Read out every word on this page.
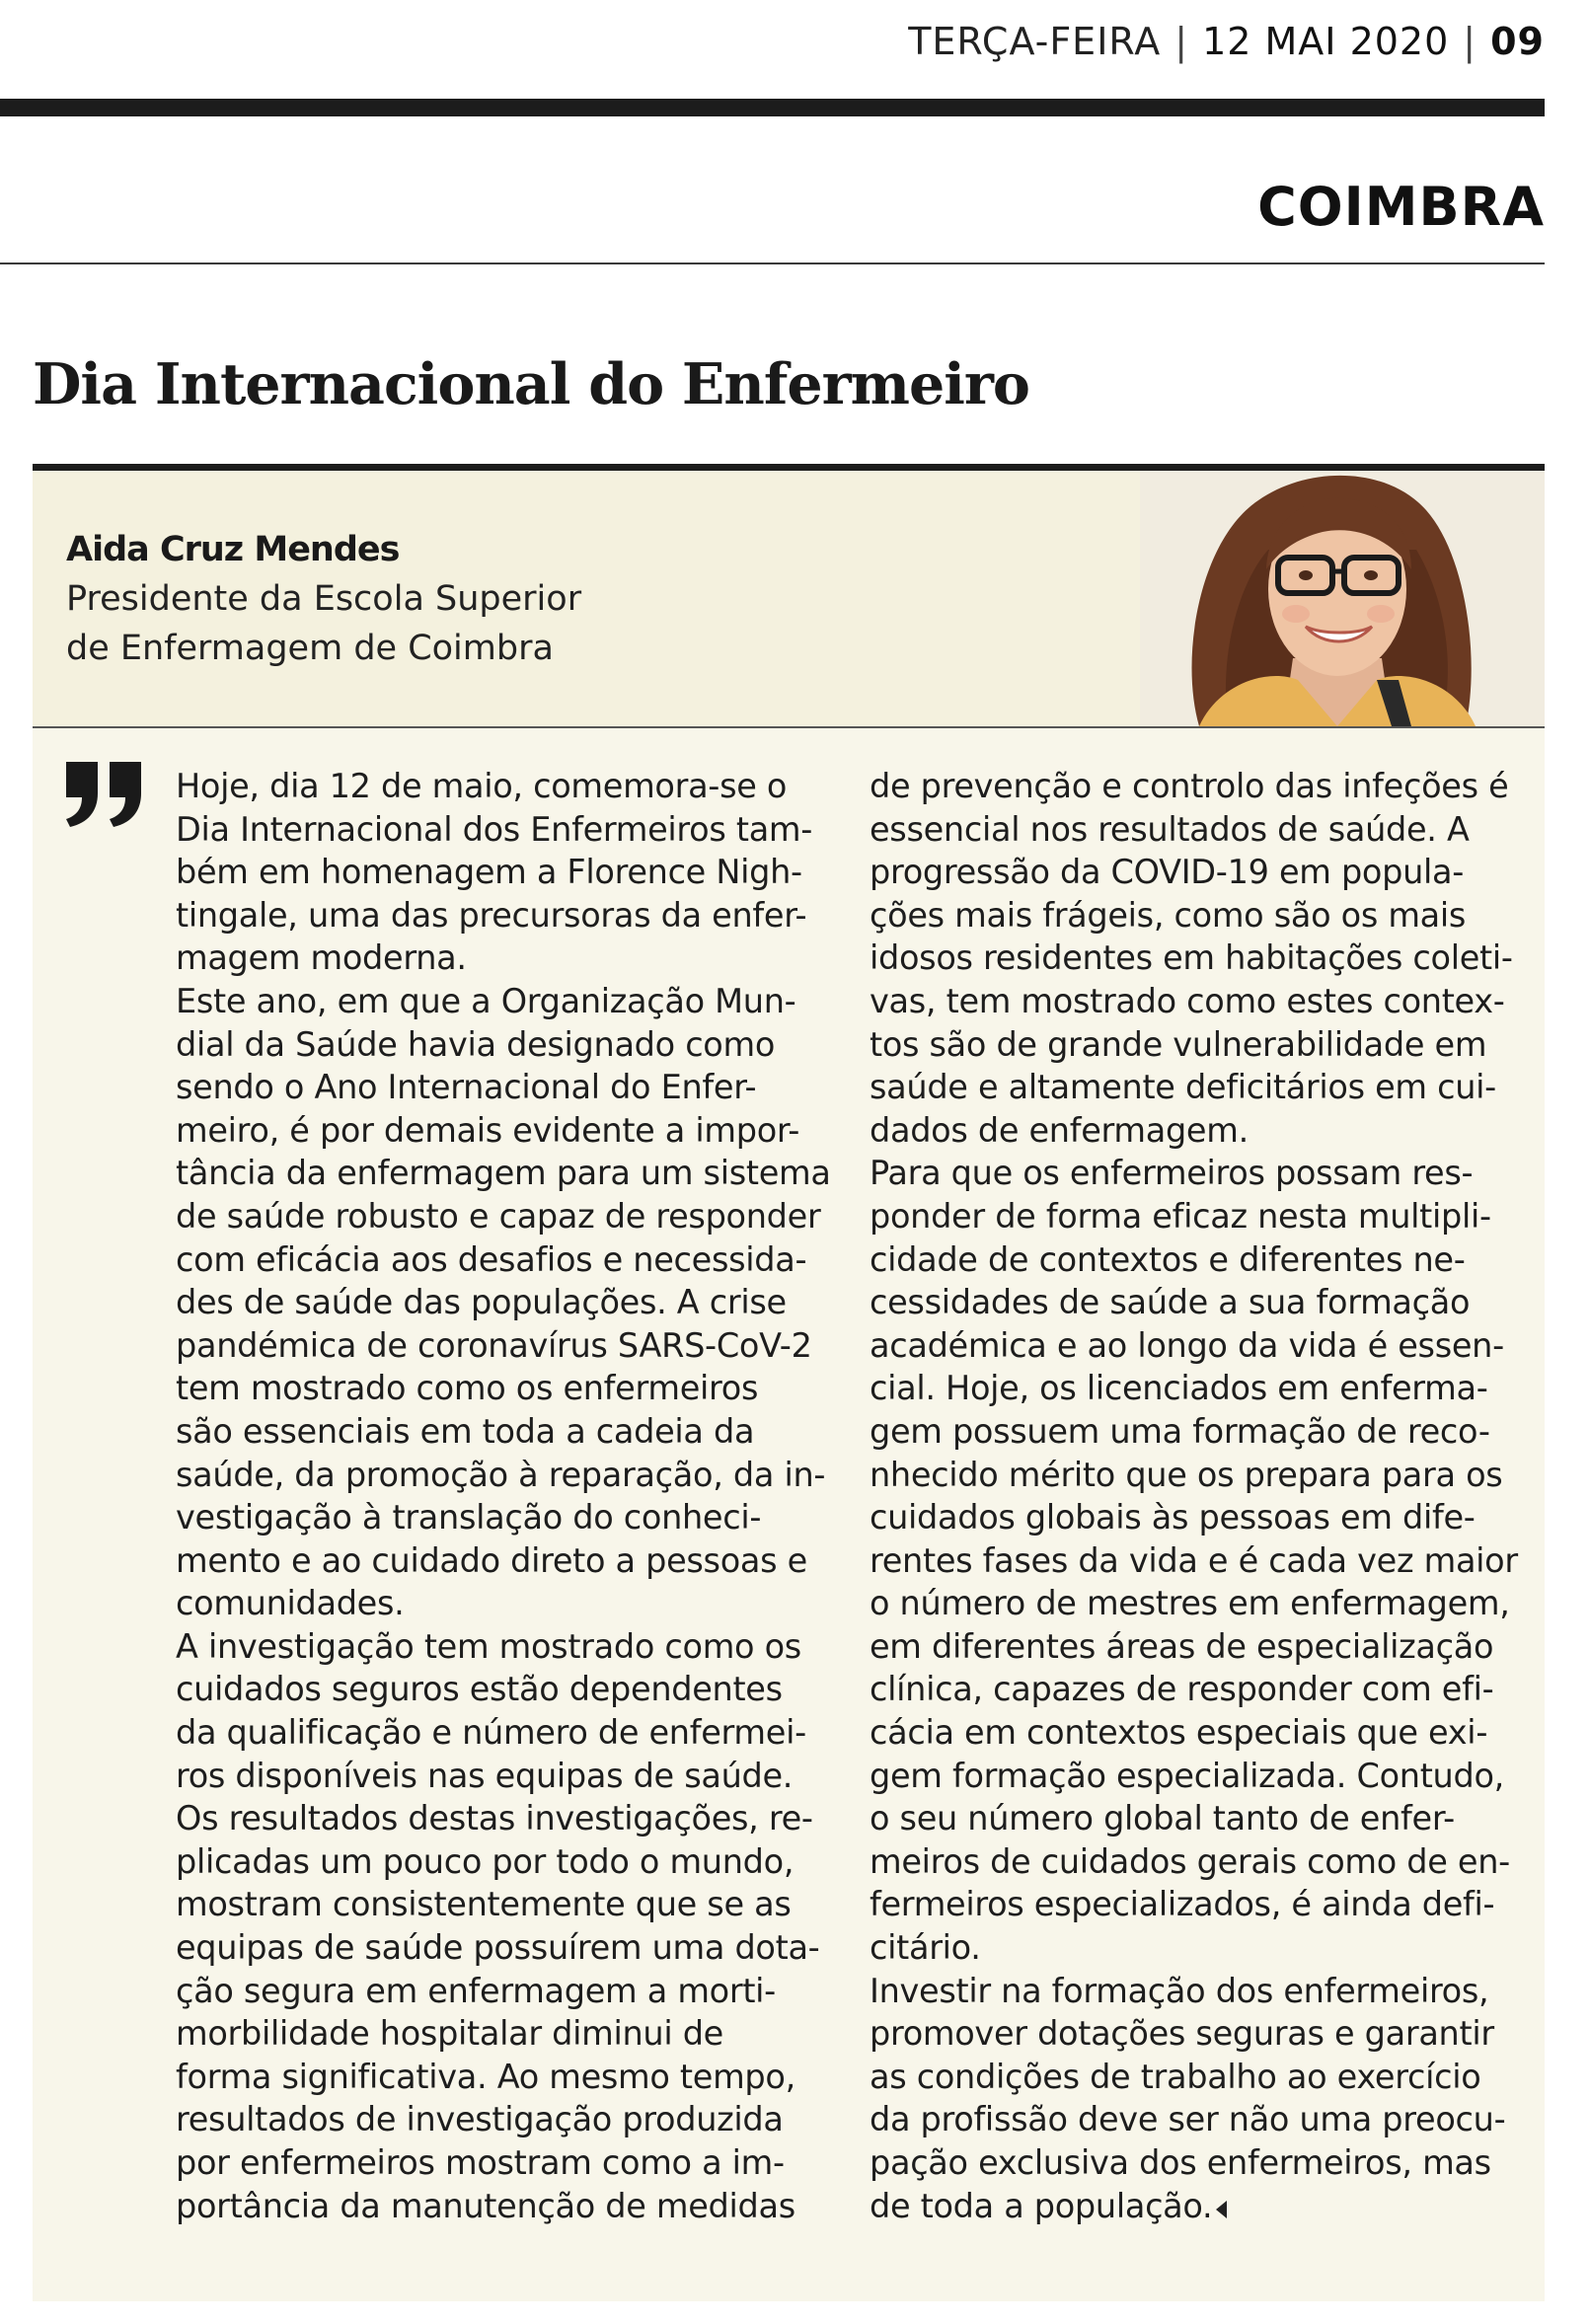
TERÇA-FEIRA | 12 MAI 2020 | 09
COIMBRA
Dia Internacional do Enfermeiro
Aida Cruz Mendes
Presidente da Escola Superior
de Enfermagem de Coimbra
Hoje, dia 12 de maio, comemora-se o
Dia Internacional dos Enfermeiros tam-
bém em homenagem a Florence Nigh-
tingale, uma das precursoras da enfer-
magem moderna.
Este ano, em que a Organização Mun-
dial da Saúde havia designado como
sendo o Ano Internacional do Enfer-
meiro, é por demais evidente a impor-
tância da enfermagem para um sistema
de saúde robusto e capaz de responder
com eficácia aos desafios e necessida-
des de saúde das populações. A crise
pandémica de coronavírus SARS-CoV-2
tem mostrado como os enfermeiros
são essenciais em toda a cadeia da
saúde, da promoção à reparação, da in-
vestigação à translação do conheci-
mento e ao cuidado direto a pessoas e
comunidades.
A investigação tem mostrado como os
cuidados seguros estão dependentes
da qualificação e número de enfermei-
ros disponíveis nas equipas de saúde.
Os resultados destas investigações, re-
plicadas um pouco por todo o mundo,
mostram consistentemente que se as
equipas de saúde possuírem uma dota-
ção segura em enfermagem a morti-
morbilidade hospitalar diminui de
forma significativa. Ao mesmo tempo,
resultados de investigação produzida
por enfermeiros mostram como a im-
portância da manutenção de medidas
de prevenção e controlo das infeções é
essencial nos resultados de saúde. A
progressão da COVID-19 em popula-
ções mais frágeis, como são os mais
idosos residentes em habitações coleti-
vas, tem mostrado como estes contex-
tos são de grande vulnerabilidade em
saúde e altamente deficitários em cui-
dados de enfermagem.
Para que os enfermeiros possam res-
ponder de forma eficaz nesta multipli-
cidade de contextos e diferentes ne-
cessidades de saúde a sua formação
académica e ao longo da vida é essen-
cial. Hoje, os licenciados em enferma-
gem possuem uma formação de reco-
nhecido mérito que os prepara para os
cuidados globais às pessoas em dife-
rentes fases da vida e é cada vez maior
o número de mestres em enfermagem,
em diferentes áreas de especialização
clínica, capazes de responder com efi-
cácia em contextos especiais que exi-
gem formação especializada. Contudo,
o seu número global tanto de enfer-
meiros de cuidados gerais como de en-
fermeiros especializados, é ainda defi-
citário.
Investir na formação dos enfermeiros,
promover dotações seguras e garantir
as condições de trabalho ao exercício
da profissão deve ser não uma preocu-
pação exclusiva dos enfermeiros, mas
de toda a população.
